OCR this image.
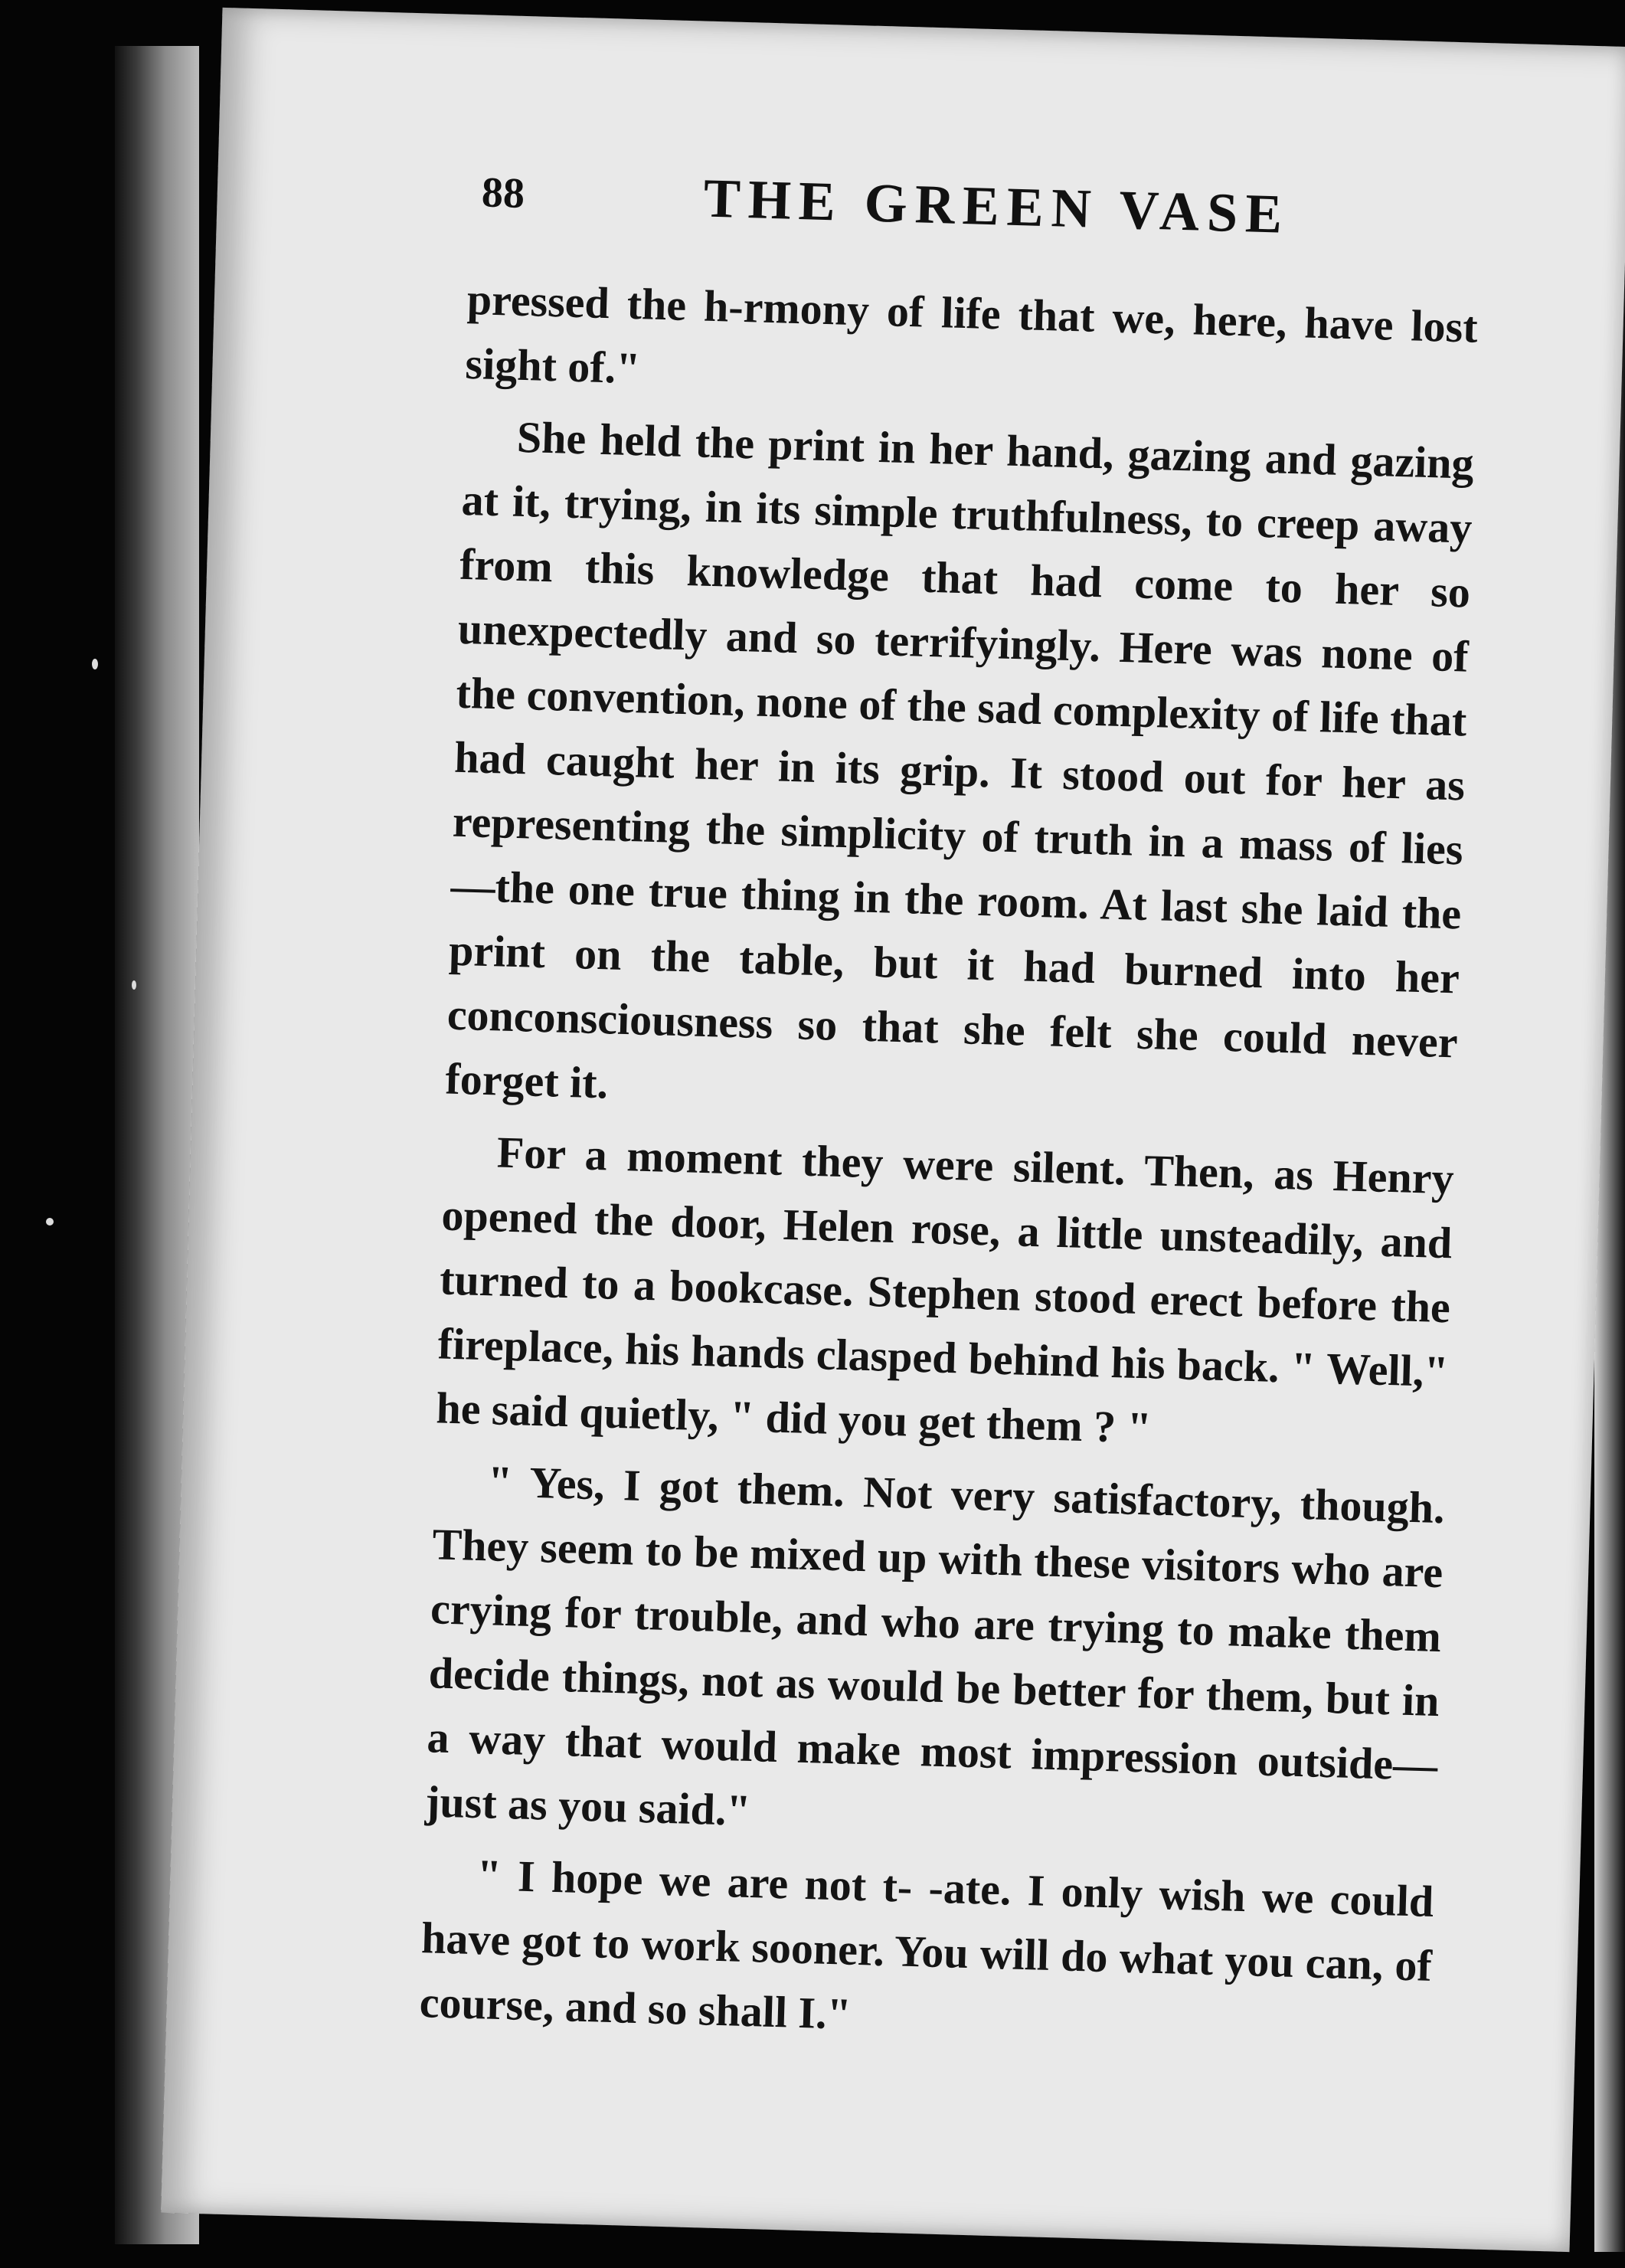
88	THE GREEN VASE

pressed the h‑rmony of life that we, here, have lost sight of."

She held the print in her hand, gazing and gazing at it, trying, in its simple truthfulness, to creep away from this knowledge that had come to her so unexpectedly and so terrifyingly. Here was none of the convention, none of the sad complexity of life that had caught her in its grip. It stood out for her as representing the simplicity of truth in a mass of lies —the one true thing in the room. At last she laid the print on the table, but it had burned into her conconsciousness so that she felt she could never forget it.

For a moment they were silent. Then, as Henry opened the door, Helen rose, a little unsteadily, and turned to a bookcase. Stephen stood erect before the fireplace, his hands clasped behind his back. " Well," he said quietly, " did you get them ? "

" Yes, I got them. Not very satisfactory, though. They seem to be mixed up with these visitors who are crying for trouble, and who are trying to make them decide things, not as would be better for them, but in a way that would make most impression outside—just as you said."

" I hope we are not t‑ ‑ate. I only wish we could have got to work sooner. You will do what you can, of course, and so shall I."
